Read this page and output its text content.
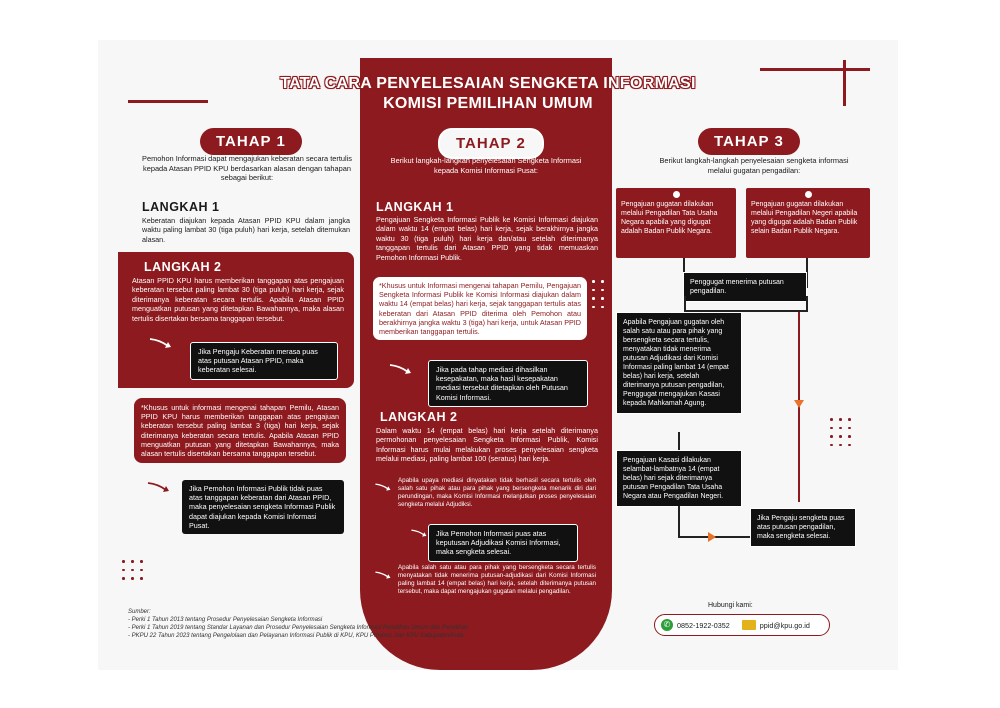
TATA CARA PENYELESAIAN SENGKETA INFORMASI
KOMISI PEMILIHAN UMUM
TAHAP 1
Pemohon Informasi dapat mengajukan keberatan secara tertulis kepada Atasan PPID KPU berdasarkan alasan dengan tahapan sebagai berikut:
LANGKAH 1
Keberatan diajukan kepada Atasan PPID KPU dalam jangka waktu paling lambat 30 (tiga puluh) hari kerja, setelah ditemukan alasan.
LANGKAH 2
Atasan PPID KPU harus memberikan tanggapan atas pengajuan keberatan tersebut paling lambat 30 (tiga puluh) hari kerja, sejak diterimanya keberatan secara tertulis. Apabila Atasan PPID menguatkan putusan yang ditetapkan Bawahannya, maka alasan tertulis disertakan bersama tanggapan tersebut.
Jika Pengaju Keberatan merasa puas atas putusan Atasan PPID, maka keberatan selesai.
*Khusus untuk informasi mengenai tahapan Pemilu, Atasan PPID KPU harus memberikan tanggapan atas pengajuan keberatan tersebut paling lambat 3 (tiga) hari kerja, sejak diterimanya keberatan secara tertulis. Apabila Atasan PPID menguatkan putusan yang ditetapkan Bawahannya, maka alasan tertulis disertakan bersama tanggapan tersebut.
Jika Pemohon Informasi Publik tidak puas atas tanggapan keberatan dari Atasan PPID, maka penyelesaian sengketa Informasi Publik dapat diajukan kepada Komisi Informasi Pusat.
TAHAP 2
Berikut langkah-langkah penyelesaian Sengketa Informasi kepada Komisi Informasi Pusat:
LANGKAH 1
Pengajuan Sengketa Informasi Publik ke Komisi Informasi diajukan dalam waktu 14 (empat belas) hari kerja, sejak berakhirnya jangka waktu 30 (tiga puluh) hari kerja dan/atau setelah diterimanya tanggapan tertulis dari Atasan PPID yang tidak memuaskan Pemohon Informasi Publik.
*Khusus untuk Informasi mengenai tahapan Pemilu, Pengajuan Sengketa Informasi Publik ke Komisi Informasi diajukan dalam waktu 14 (empat belas) hari kerja, sejak tanggapan tertulis atas keberatan dari Atasan PPID diterima oleh Pemohon atau berakhirnya jangka waktu 3 (tiga) hari kerja, untuk Atasan PPID memberikan tanggapan tertulis.
Jika pada tahap mediasi dihasilkan kesepakatan, maka hasil kesepakatan mediasi tersebut ditetapkan oleh Putusan Komisi Informasi.
LANGKAH 2
Dalam waktu 14 (empat belas) hari kerja setelah diterimanya permohonan penyelesaian Sengketa Informasi Publik, Komisi Informasi harus mulai melakukan proses penyelesaian sengketa melalui mediasi, paling lambat 100 (seratus) hari kerja.
Apabila upaya mediasi dinyatakan tidak berhasil secara tertulis oleh salah satu pihak atau para pihak yang bersengketa menarik diri dari perundingan, maka Komisi Informasi melanjutkan proses penyelesaian sengketa melalui Adjudiksi.
Jika Pemohon Informasi puas atas keputusan Adjudikasi Komisi Informasi, maka sengketa selesai.
Apabila salah satu atau para pihak yang bersengketa secara tertulis menyatakan tidak menerima putusan-adjudikasi dari Komisi Informasi paling lambat 14 (empat belas) hari kerja, setelah diterimanya putusan tersebut, maka dapat mengajukan gugatan melalui pengadilan.
TAHAP 3
Berikut langkah-langkah penyelesaian sengketa informasi melalui gugatan pengadilan:
Pengajuan gugatan dilakukan melalui Pengadilan Tata Usaha Negara apabila yang digugat adalah Badan Publik Negara.
Pengajuan gugatan dilakukan melalui Pengadilan Negeri apabila yang digugat adalah Badan Publik selain Badan Publik Negara.
Penggugat menerima putusan pengadilan.
Apabila Pengajuan gugatan oleh salah satu atau para pihak yang bersengketa secara tertulis, menyatakan tidak menerima putusan Adjudikasi dari Komisi Informasi paling lambat 14 (empat belas) hari kerja, setelah diterimanya putusan pengadilan, Penggugat mengajukan Kasasi kepada Mahkamah Agung.
Pengajuan Kasasi dilakukan selambat-lambatnya 14 (empat belas) hari sejak diterimanya putusan Pengadilan Tata Usaha Negara atau Pengadilan Negeri.
Jika Pengaju sengketa puas atas putusan pengadilan, maka sengketa selesai.
Sumber:
- Perki 1 Tahun 2013 tentang Prosedur Penyelesaian Sengketa Informasi
- Perki 1 Tahun 2019 tentang Standar Layanan dan Prosedur Penyelesaian Sengketa Informasi Pemilihan Umum dan Pemilihan
- PKPU 22 Tahun 2023 tentang Pengelolaan dan Pelayanan Informasi Publik di KPU, KPU Provinsi, dan KPU Kabupaten/Kota
Hubungi kami:
✆ 0852-1922-0352	ppid@kpu.go.id
